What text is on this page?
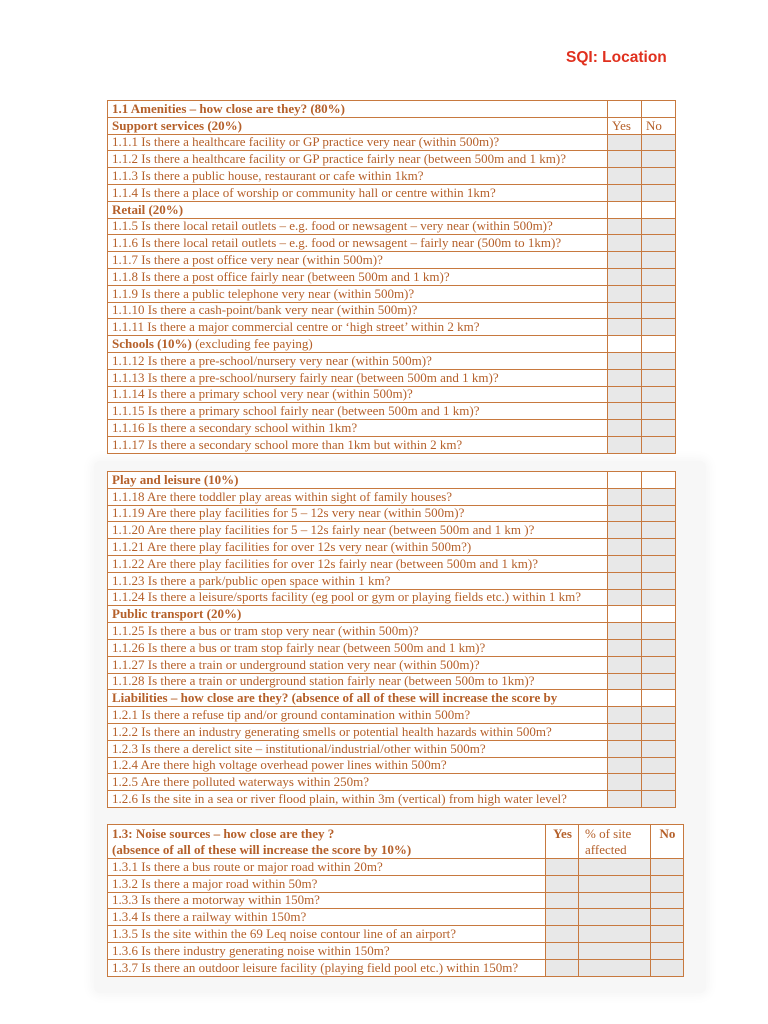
SQI: Location
1.1 Amenities – how close are they? (80%)		
Support services (20%)	Yes	No
1.1.1 Is there a healthcare facility or GP practice very near (within 500m)?		
1.1.2 Is there a healthcare facility or GP practice fairly near (between 500m and 1 km)?		
1.1.3 Is there a public house, restaurant or cafe within 1km?		
1.1.4 Is there a place of worship or community hall or centre within 1km?		
Retail (20%)		
1.1.5 Is there local retail outlets – e.g. food or newsagent – very near (within 500m)?		
1.1.6 Is there local retail outlets – e.g. food or newsagent – fairly near (500m to 1km)?		
1.1.7 Is there a post office very near (within 500m)?		
1.1.8 Is there a post office fairly near (between 500m and 1 km)?		
1.1.9 Is there a public telephone very near (within 500m)?		
1.1.10 Is there a cash-point/bank very near (within 500m)?		
1.1.11 Is there a major commercial centre or ‘high street’ within 2 km?		
Schools (10%) (excluding fee paying)		
1.1.12 Is there a pre-school/nursery very near (within 500m)?		
1.1.13 Is there a pre-school/nursery fairly near (between 500m and 1 km)?		
1.1.14 Is there a primary school very near (within 500m)?		
1.1.15 Is there a primary school fairly near (between 500m and 1 km)?		
1.1.16 Is there a secondary school within 1km?		
1.1.17 Is there a secondary school more than 1km but within 2 km?		
Play and leisure (10%)		
1.1.18 Are there toddler play areas within sight of family houses?		
1.1.19 Are there play facilities for 5 – 12s very near (within 500m)?		
1.1.20 Are there play facilities for 5 – 12s fairly near (between 500m and 1 km )?		
1.1.21 Are there play facilities for over 12s very near (within 500m?)		
1.1.22 Are there play facilities for over 12s fairly near (between 500m and 1 km)?		
1.1.23 Is there a park/public open space within 1 km?		
1.1.24 Is there a leisure/sports facility (eg pool or gym or playing fields etc.) within 1 km?		
Public transport (20%)		
1.1.25 Is there a bus or tram stop very near (within 500m)?		
1.1.26 Is there a bus or tram stop fairly near (between 500m and 1 km)?		
1.1.27 Is there a train or underground station very near (within 500m)?		
1.1.28 Is there a train or underground station fairly near (between 500m to 1km)?		
Liabilities – how close are they? (absence of all of these will increase the score by		
1.2.1 Is there a refuse tip and/or ground contamination within 500m?		
1.2.2 Is there an industry generating smells or potential health hazards within 500m?		
1.2.3 Is there a derelict site – institutional/industrial/other within 500m?		
1.2.4 Are there high voltage overhead power lines within 500m?		
1.2.5 Are there polluted waterways within 250m?		
1.2.6 Is the site in a sea or river flood plain, within 3m (vertical) from high water level?		
1.3: Noise sources – how close are they ?
(absence of all of these will increase the score by 10%)	Yes	% of site affected	No
1.3.1 Is there a bus route or major road within 20m?			
1.3.2 Is there a major road within 50m?			
1.3.3 Is there a motorway within 150m?			
1.3.4 Is there a railway within 150m?			
1.3.5 Is the site within the 69 Leq noise contour line of an airport?			
1.3.6 Is there industry generating noise within 150m?			
1.3.7 Is there an outdoor leisure facility (playing field pool etc.) within 150m?			
